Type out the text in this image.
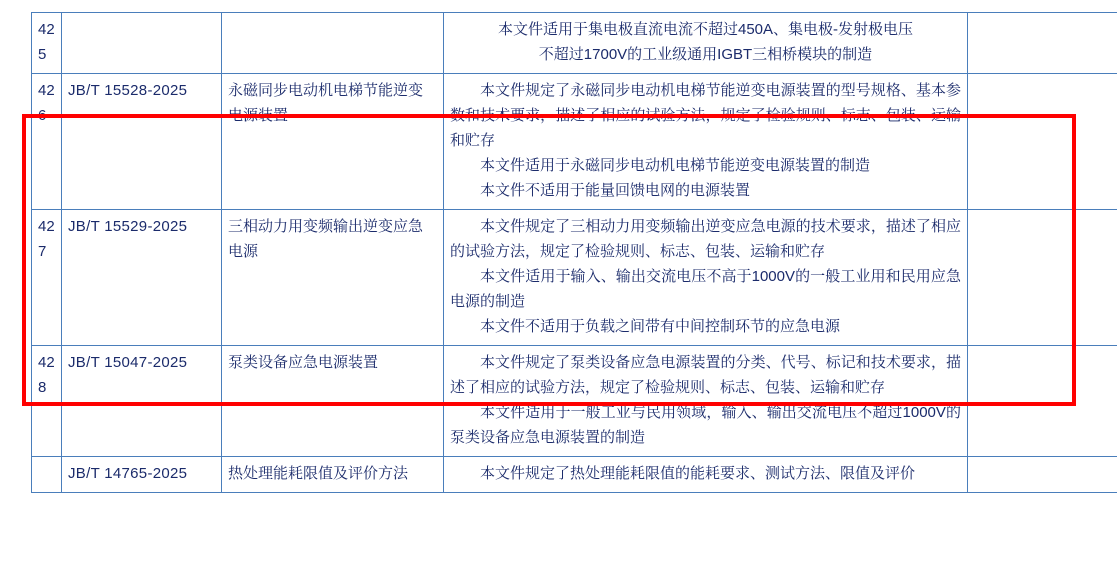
425			本文件适用于集电极直流电流不超过450A、集电极-发射极电压

不超过1700V的工业级通用IGBT三相桥模块的制造	

426	JB/T 15528-2025	永磁同步电动机电梯节能逆变电源装置	本文件规定了永磁同步电动机电梯节能逆变电源装置的型号规格、基本参数和技术要求，描述了相应的试验方法，规定了检验规则、标志、包装、运输和贮存

本文件适用于永磁同步电动机电梯节能逆变电源装置的制造

本文件不适用于能量回馈电网的电源装置	

427	JB/T 15529-2025	三相动力用变频输出逆变应急电源	本文件规定了三相动力用变频输出逆变应急电源的技术要求，描述了相应的试验方法，规定了检验规则、标志、包装、运输和贮存

本文件适用于输入、输出交流电压不高于1000V的一般工业用和民用应急电源的制造

本文件不适用于负载之间带有中间控制环节的应急电源	

428	JB/T 15047-2025	泵类设备应急电源装置	本文件规定了泵类设备应急电源装置的分类、代号、标记和技术要求，描述了相应的试验方法，规定了检验规则、标志、包装、运输和贮存

本文件适用于一般工业与民用领域，输入、输出交流电压不超过1000V的泵类设备应急电源装置的制造	

	JB/T 14765-2025	热处理能耗限值及评价方法	本文件规定了热处理能耗限值的能耗要求、测试方法、限值及评价	
